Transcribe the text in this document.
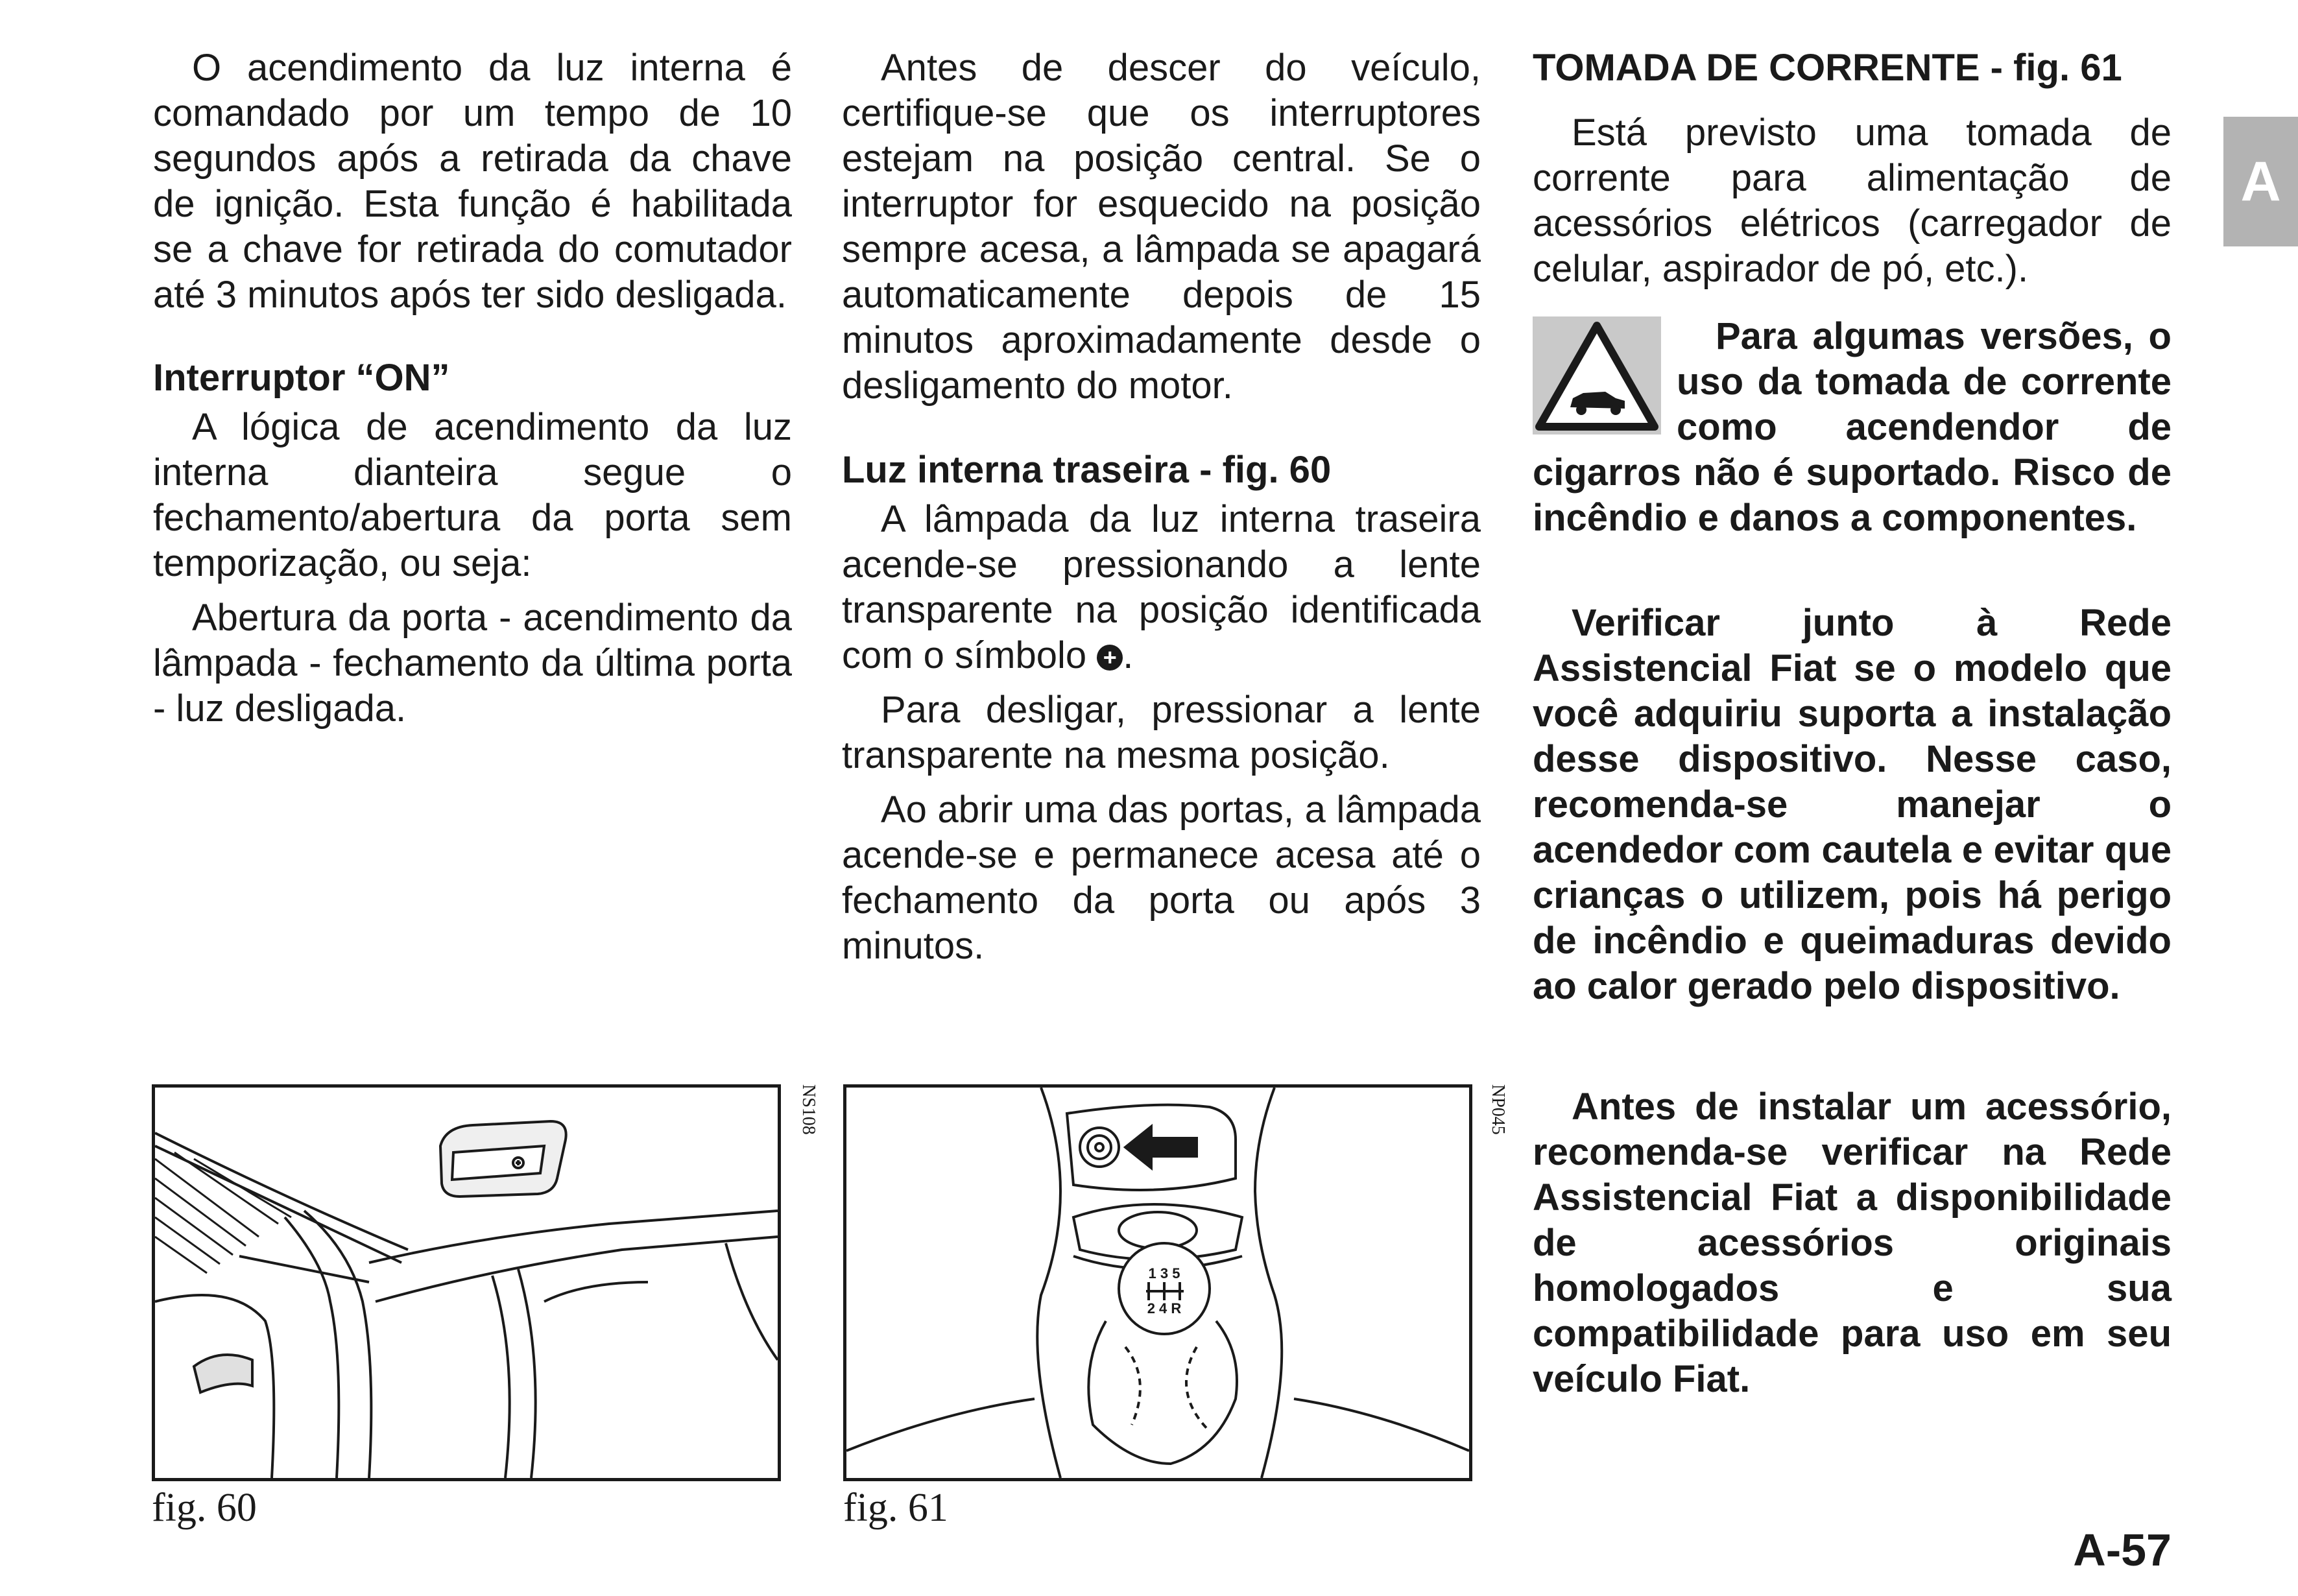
O acendimento da luz interna é comandado por um tempo de 10 segundos após a retirada da chave de ignição. Esta função é habilitada se a chave for retirada do comutador até 3 minutos após ter sido desligada.

Interruptor “ON”

A lógica de acendimento da luz interna dianteira segue o fechamento/abertura da porta sem temporização, ou seja:

Abertura da porta - acendimento da lâmpada - fechamento da última porta - luz desligada.

Antes de descer do veículo, certifique-se que os interruptores estejam na posição central. Se o interruptor for esquecido na posição sempre acesa, a lâmpada se apagará automaticamente depois de 15 minutos aproximadamente desde o desligamento do motor.

Luz interna traseira - fig. 60

A lâmpada da luz interna traseira acende-se pressionando a lente transparente na posição identificada com o símbolo + .

Para desligar, pressionar a lente transparente na mesma posição.

Ao abrir uma das portas, a lâmpada acende-se e permanece acesa até o fechamento da porta ou após 3 minutos.

TOMADA DE CORRENTE - fig. 61

Está previsto uma tomada de corrente para alimentação de acessórios elétricos (carregador de celular, aspirador de pó, etc.).

Para algumas versões, o uso da tomada de corrente como acendendor de cigarros não é suportado. Risco de incêndio e danos a componentes.

Verificar junto à Rede Assistencial Fiat se o modelo que você adquiriu suporta a instalação desse dispositivo. Nesse caso, recomenda-se manejar o acendedor com cautela e evitar que crianças o utilizem, pois há perigo de incêndio e queimaduras devido ao calor gerado pelo dispositivo.

Antes de instalar um acessório, recomenda-se verificar na Rede Assistencial Fiat a disponibilidade de acessórios originais homologados e sua compatibilidade para uso em seu veículo Fiat.

A
NS108
fig. 60
1 3 5
2 4 R
NP045
fig. 61
A-57
